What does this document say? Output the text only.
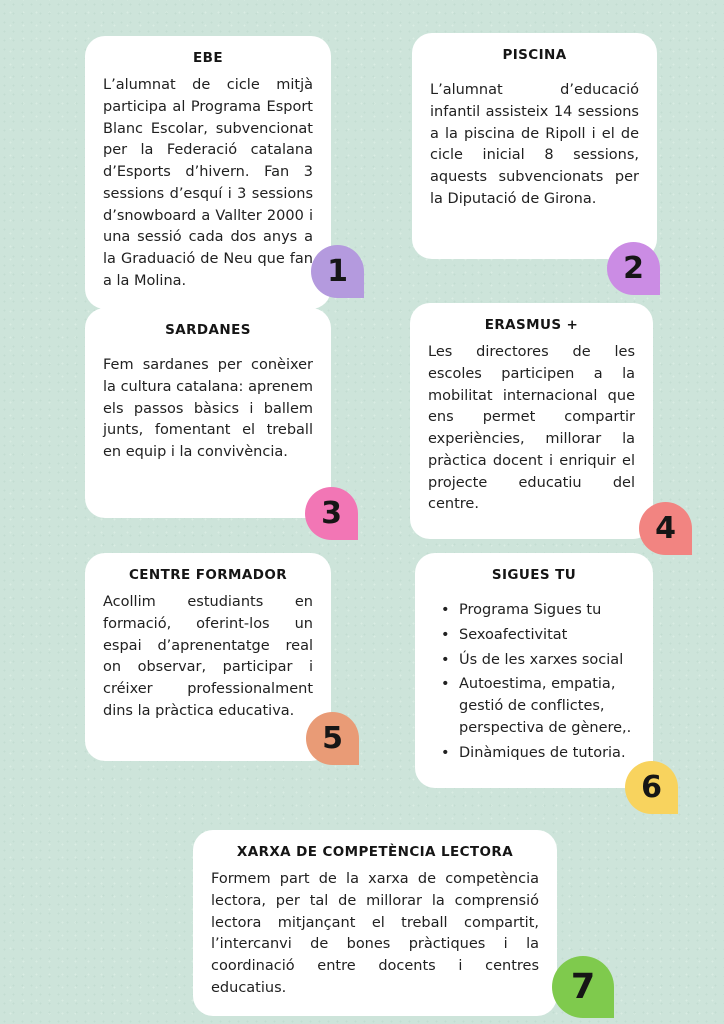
EBE

L’alumnat de cicle mitjà participa al Programa Esport Blanc Escolar, subvencionat per la Federació catalana d’Esports d’hivern. Fan 3 sessions d’esquí i 3 sessions d’snowboard a Vallter 2000 i una sessió cada dos anys a la Graduació de Neu que fan a la Molina.	1
PISCINA

L’alumnat d’educació infantil assisteix 14 sessions a la piscina de Ripoll i el de cicle inicial 8 sessions, aquests subvencionats per la Diputació de Girona.

2
SARDANES

Fem sardanes per conèixer la cultura catalana: aprenem els passos bàsics i ballem junts, fomentant el treball en equip i la convivència.

3
ERASMUS +

Les directores de les escoles participen a la mobilitat internacional que ens permet compartir experiències, millorar la pràctica docent i enriquir el projecte educatiu del centre.

4
CENTRE FORMADOR

Acollim estudiants en formació, oferint-los un espai d’aprenentatge real on observar, participar i créixer professionalment dins la pràctica educativa.

5
SIGUES TU
• Programa Sigues tu
• Sexoafectivitat
• Ús de les xarxes social
• Autoestima, empatia, gestió de conflictes, perspectiva de gènere,.
• Dinàmiques de tutoria.
6
XARXA DE COMPETÈNCIA LECTORA

Formem part de la xarxa de competència lectora, per tal de millorar la comprensió lectora mitjançant el treball compartit, l’intercanvi de bones pràctiques i la coordinació entre docents i centres educatius.	7
